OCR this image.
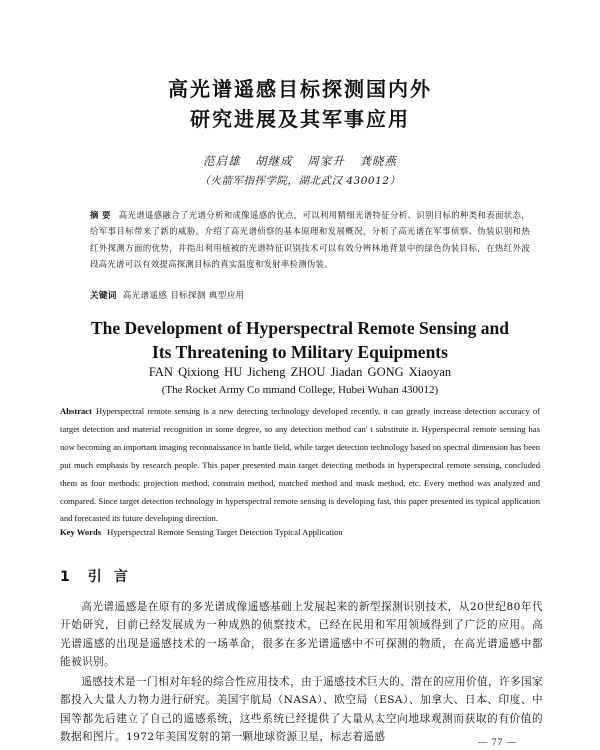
高光谱遥感目标探测国内外
研究进展及其军事应用
范启雄 胡继成 周家升 龚晓燕
（火箭军指挥学院，湖北武汉 430012）
摘 要 高光谱遥感融合了光谱分析和成像遥感的优点，可以利用精细光谱特征分析、识别目标的种类和表面状态，给军事目标带来了新的威胁。介绍了高光谱侦察的基本原理和发展概况，分析了高光谱在军事侦察、伪装识别和热红外探测方面的优势，并指出利用植被的光谱特征识别技术可以有效分辨林地背景中的绿色伪装目标，在热红外波段高光谱可以有效提高探测目标的真实温度和发射率检测伪装。
关键词 高光谱遥感 目标探测 典型应用
The Development of Hyperspectral Remote Sensing and
Its Threatening to Military Equipments
FAN Qixiong HU Jicheng ZHOU Jiadan GONG Xiaoyan
(The Rocket Army Co mmand College, Hubei Wuhan 430012)
Abstract Hyperspectral remote sensing is a new detecting technology developed recently, it can greatly increase detection accuracy of target detection and material recognition in some degree, so any detection method can' t substitute it. Hyperspectral remote sensing has now becoming an important imaging reconnaissance in battle field, while target detection technology based on spectral dimension has been put much emphasis by research people. This paper presented main target detecting methods in hyperspectral remote sensing, concluded them as four methods: projection method, constrain method, matched method and mask method, etc. Every method was analyzed and compared. Since target detection technology in hyperspectral remote sensing is developing fast, this paper presented its typical application and forecasted its future developing direction.
Key Words Hyperspectral Remote Sensing Target Detection Typical Application
1 引言
高光谱遥感是在原有的多光谱成像遥感基础上发展起来的新型探测识别技术，从20世纪80年代开始研究，目前已经发展成为一种成熟的侦察技术，已经在民用和军用领域得到了广泛的应用。高光谱遥感的出现是遥感技术的一场革命，很多在多光谱遥感中不可探测的物质，在高光谱遥感中都能被识别。
遥感技术是一门相对年轻的综合性应用技术，由于遥感技术巨大的、潜在的应用价值，许多国家都投入大量人力物力进行研究。美国宇航局（NASA）、欧空局（ESA）、加拿大、日本、印度、中国等都先后建立了自己的遥感系统，这些系统已经提供了大量从太空向地球观测而获取的有价值的数据和图片。1972年美国发射的第一颗地球资源卫星，标志着遥感
— 77 —
